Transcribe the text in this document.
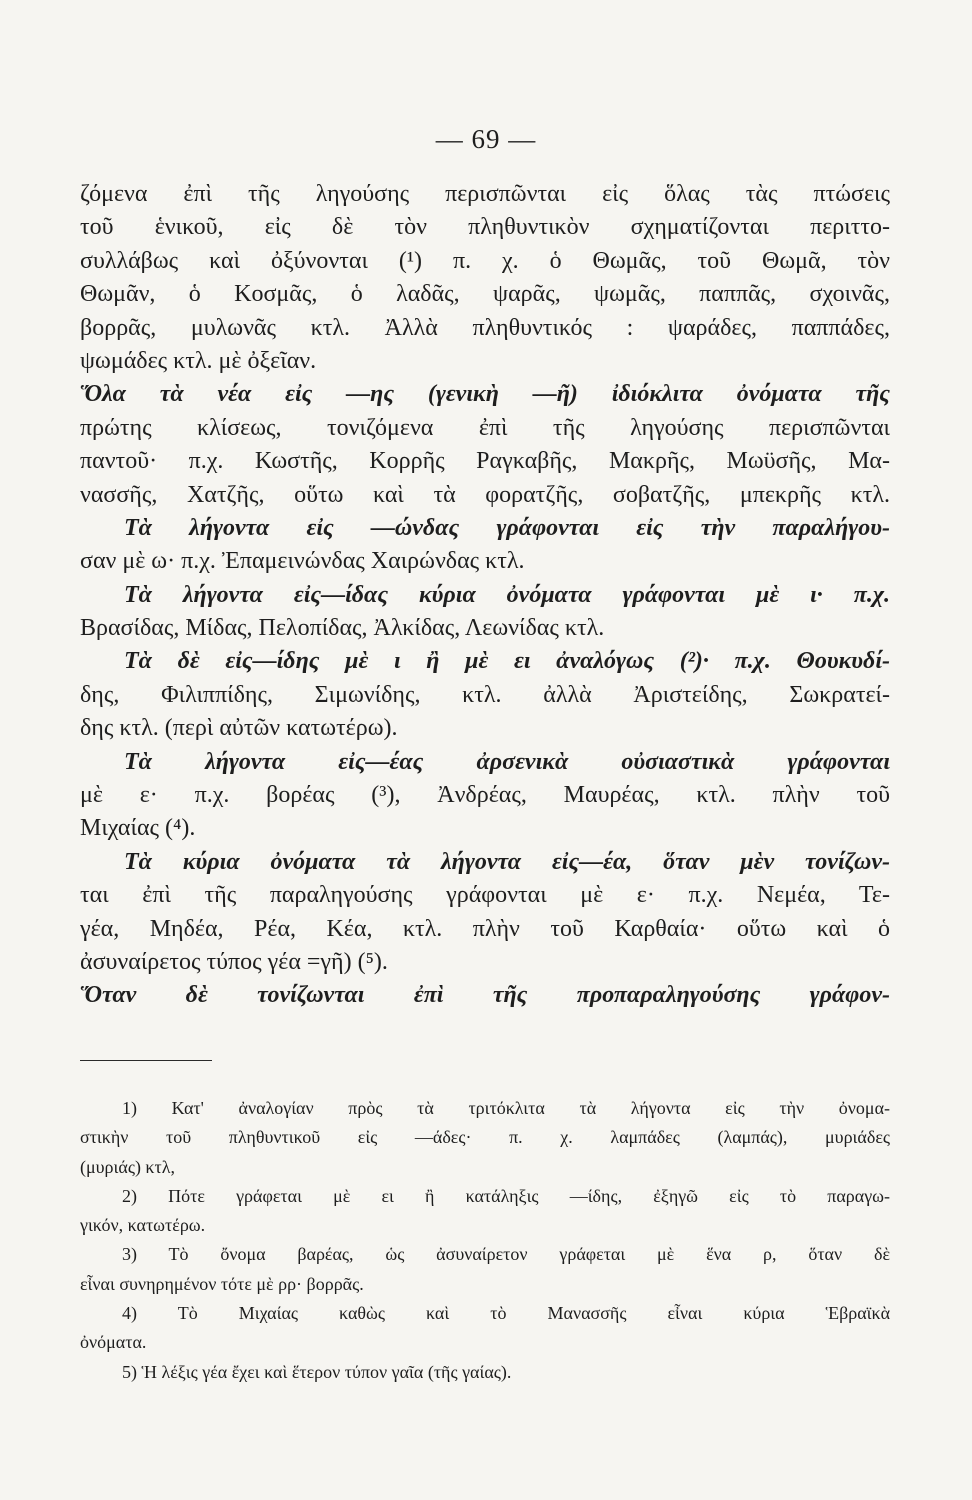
— 69 —
ζόμενα ἐπὶ τῆς ληγούσης περισπῶνται εἰς ὅλας τὰς πτώσεις
τοῦ ἑνικοῦ, εἰς δὲ τὸν πληθυντικὸν σχηματίζονται περιττο-
συλλάβως καὶ ὀξύνονται (¹) π. χ. ὁ Θωμᾶς, τοῦ Θωμᾶ, τὸν
Θωμᾶν, ὁ Κοσμᾶς, ὁ λαδᾶς, ψαρᾶς, ψωμᾶς, παππᾶς, σχοινᾶς,
βορρᾶς, μυλωνᾶς κτλ. Ἀλλὰ πληθυντικός : ψαράδες, παππάδες,
ψωμάδες κτλ. μὲ ὀξεῖαν.
Ὅλα τὰ νέα εἰς —ης (γενικὴ —ῆ) ἰδιόκλιτα ὀνόματα τῆς
πρώτης κλίσεως, τονιζόμενα ἐπὶ τῆς ληγούσης περισπῶνται
παντοῦ· π.χ. Κωστῆς, Κορρῆς Ραγκαβῆς, Μακρῆς, Μωϋσῆς, Μα-
νασσῆς, Χατζῆς, οὕτω καὶ τὰ φορατζῆς, σοβατζῆς, μπεκρῆς κτλ.
Τὰ λήγοντα εἰς —ώνδας γράφονται εἰς τὴν παραλήγου-
σαν μὲ ω· π.χ. Ἐπαμεινώνδας Χαιρώνδας κτλ.
Τὰ λήγοντα εἰς—ίδας κύρια ὀνόματα γράφονται μὲ ι· π.χ.
Βρασίδας, Μίδας, Πελοπίδας, Ἀλκίδας, Λεωνίδας κτλ.
Τὰ δὲ εἰς—ίδης μὲ ι ἢ μὲ ει ἀναλόγως (²)· π.χ. Θουκυδί-
δης, Φιλιππίδης, Σιμωνίδης, κτλ. ἀλλὰ Ἀριστείδης, Σωκρατεί-
δης κτλ. (περὶ αὐτῶν κατωτέρω).
Τὰ λήγοντα εἰς—έας ἀρσενικὰ οὐσιαστικὰ γράφονται
μὲ ε· π.χ. βορέας (³), Ἀνδρέας, Μαυρέας, κτλ. πλὴν τοῦ
Μιχαίας (⁴).
Τὰ κύρια ὀνόματα τὰ λήγοντα εἰς—έα, ὅταν μὲν τονίζων-
ται ἐπὶ τῆς παραληγούσης γράφονται μὲ ε· π.χ. Νεμέα, Τε-
γέα, Μηδέα, Ρέα, Κέα, κτλ. πλὴν τοῦ Καρθαία· οὕτω καὶ ὁ
ἀσυναίρετος τύπος γέα =γῆ) (⁵).
Ὅταν δὲ τονίζωνται ἐπὶ τῆς προπαραληγούσης γράφον-
1) Κατ' ἀναλογίαν πρὸς τὰ τριτόκλιτα τὰ λήγοντα εἰς τὴν ὀνομα-
στικὴν τοῦ πληθυντικοῦ εἰς —άδες· π. χ. λαμπάδες (λαμπάς), μυριάδες
(μυριάς) κτλ,
2) Πότε γράφεται μὲ ει ἢ κατάληξις —ίδης, ἐξηγῶ εἰς τὸ παραγω-
γικόν, κατωτέρω.
3) Τὸ ὄνομα βαρέας, ὡς ἀσυναίρετον γράφεται μὲ ἕνα ρ, ὅταν δὲ
εἶναι συνηρημένον τότε μὲ ρρ· βορρᾶς.
4) Τὸ Μιχαίας καθὼς καὶ τὸ Μανασσῆς εἶναι κύρια Ἑβραϊκὰ
ὀνόματα.
5) Ἡ λέξις γέα ἔχει καὶ ἕτερον τύπον γαῖα (τῆς γαίας).
